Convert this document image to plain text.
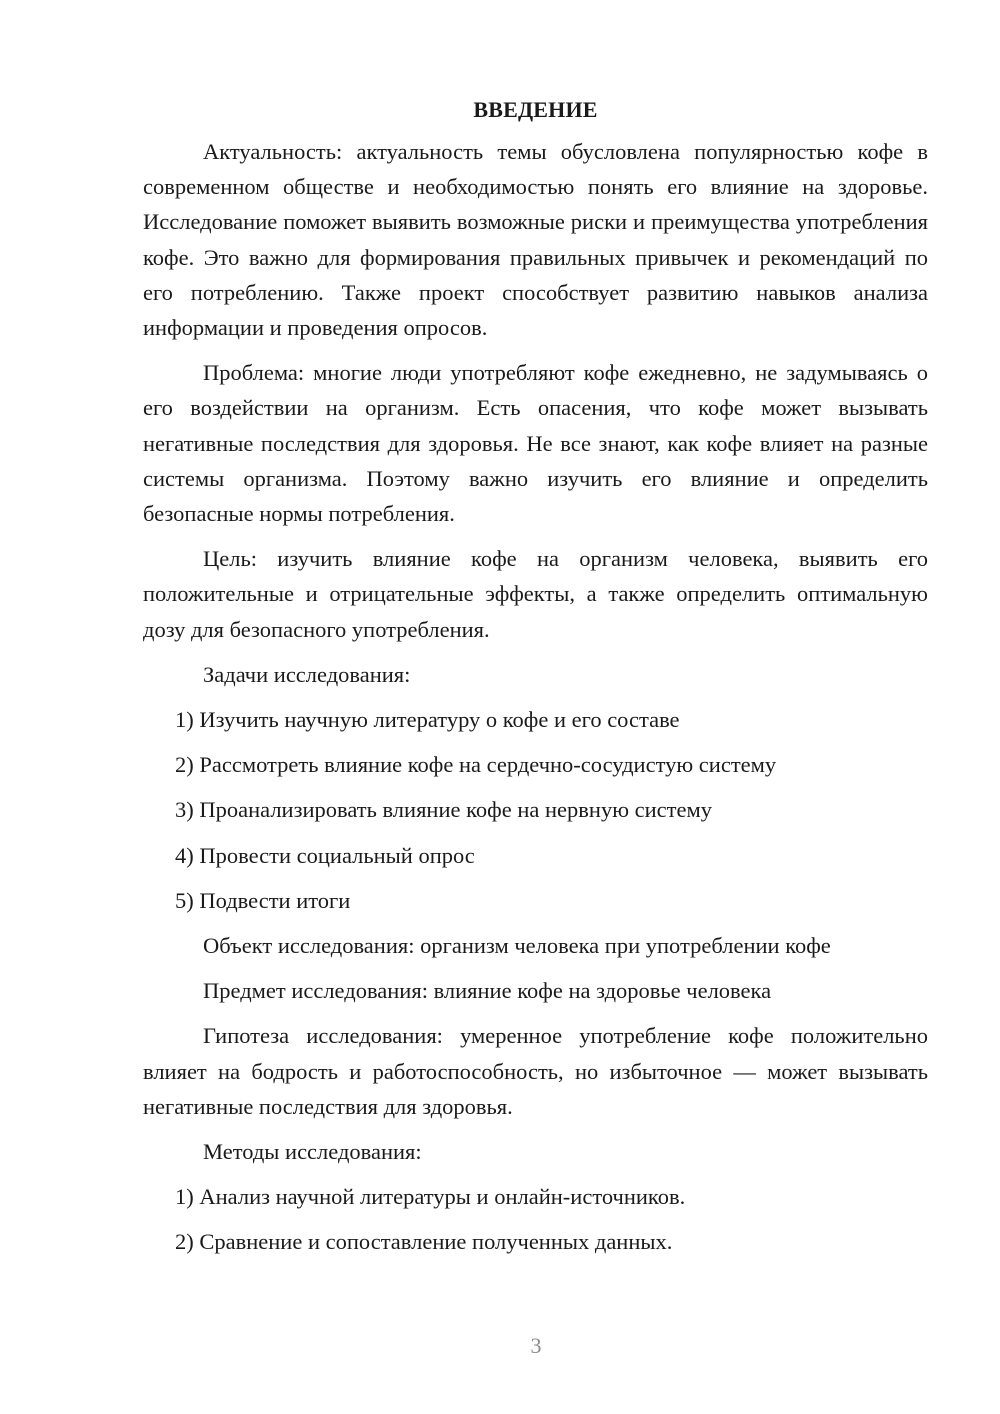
ВВЕДЕНИЕ

Актуальность: актуальность темы обусловлена популярностью кофе в современном обществе и необходимостью понять его влияние на здоровье. Исследование поможет выявить возможные риски и преимущества употребления кофе. Это важно для формирования правильных привычек и рекомендаций по его потреблению. Также проект способствует развитию навыков анализа информации и проведения опросов.

Проблема: многие люди употребляют кофе ежедневно, не задумываясь о его воздействии на организм. Есть опасения, что кофе может вызывать негативные последствия для здоровья. Не все знают, как кофе влияет на разные системы организма. Поэтому важно изучить его влияние и определить безопасные нормы потребления.

Цель: изучить влияние кофе на организм человека, выявить его положительные и отрицательные эффекты, а также определить оптимальную дозу для безопасного употребления.

Задачи исследования:

1) Изучить научную литературу о кофе и его составе
2) Рассмотреть влияние кофе на сердечно-сосудистую систему
3) Проанализировать влияние кофе на нервную систему
4) Провести социальный опрос
5) Подвести итоги

Объект исследования: организм человека при употреблении кофе

Предмет исследования: влияние кофе на здоровье человека

Гипотеза исследования: умеренное употребление кофе положительно влияет на бодрость и работоспособность, но избыточное — может вызывать негативные последствия для здоровья.

Методы исследования:

1) Анализ научной литературы и онлайн-источников.
2) Сравнение и сопоставление полученных данных.
3
